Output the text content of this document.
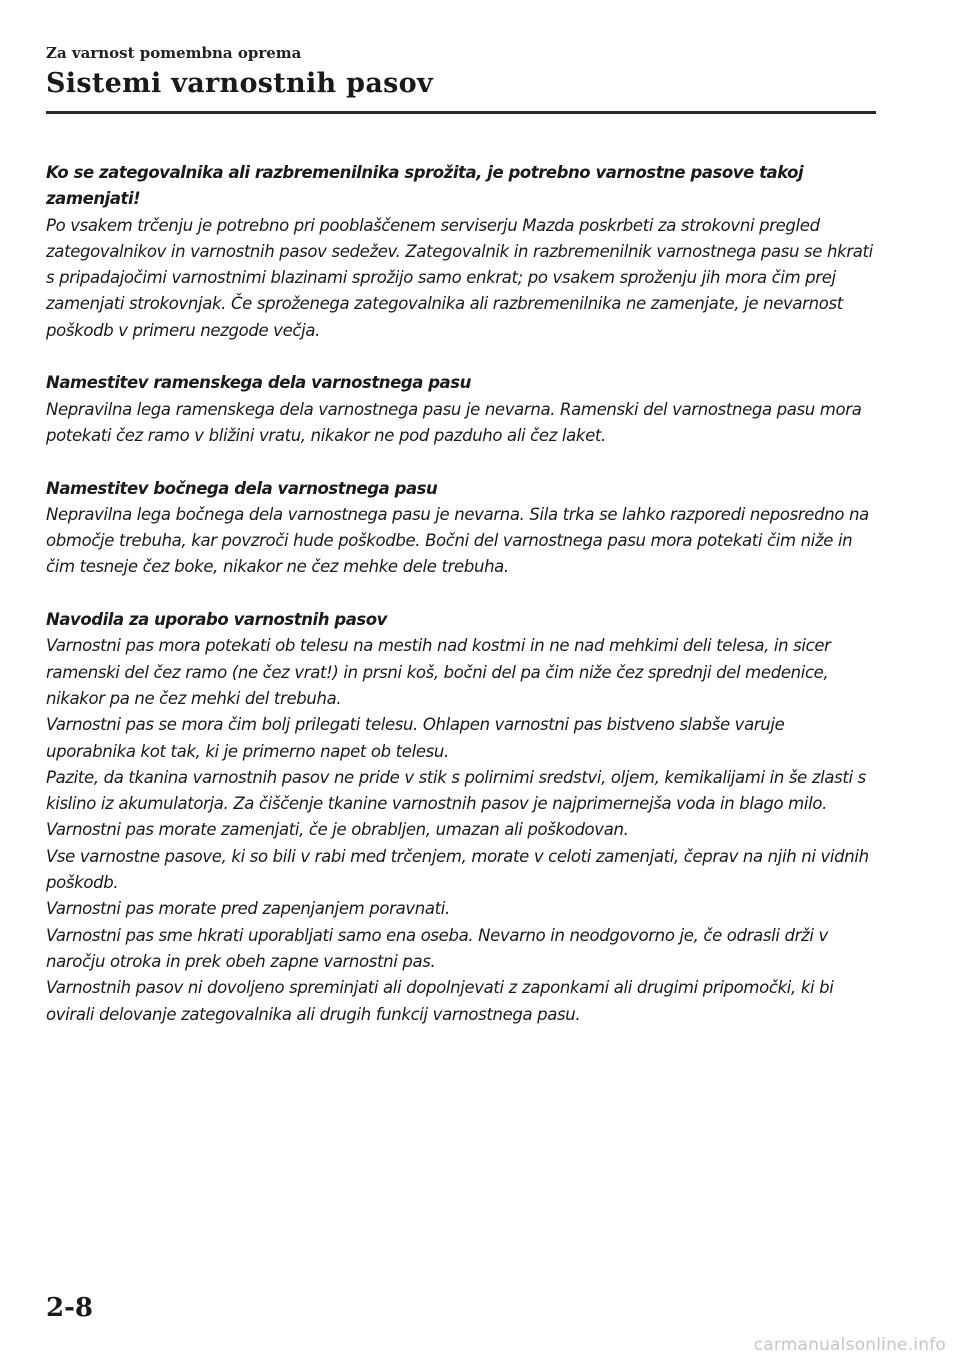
Za varnost pomembna oprema
Sistemi varnostnih pasov
Ko se zategovalnika ali razbremenilnika sprožita, je potrebno varnostne pasove takoj zamenjati!
Po vsakem trčenju je potrebno pri pooblaščenem serviserju Mazda poskrbeti za strokovni pregled zategovalnikov in varnostnih pasov sedežev. Zategovalnik in razbremenilnik varnostnega pasu se hkrati s pripadajočimi varnostnimi blazinami sprožijo samo enkrat; po vsakem sproženju jih mora čim prej zamenjati strokovnjak. Če sproženega zategovalnika ali razbremenilnika ne zamenjate, je nevarnost poškodb v primeru nezgode večja.
Namestitev ramenskega dela varnostnega pasu
Nepravilna lega ramenskega dela varnostnega pasu je nevarna. Ramenski del varnostnega pasu mora potekati čez ramo v bližini vratu, nikakor ne pod pazduho ali čez laket.
Namestitev bočnega dela varnostnega pasu
Nepravilna lega bočnega dela varnostnega pasu je nevarna. Sila trka se lahko razporedi neposredno na območje trebuha, kar povzroči hude poškodbe. Bočni del varnostnega pasu mora potekati čim niže in čim tesneje čez boke, nikakor ne čez mehke dele trebuha.
Navodila za uporabo varnostnih pasov
Varnostni pas mora potekati ob telesu na mestih nad kostmi in ne nad mehkimi deli telesa, in sicer ramenski del čez ramo (ne čez vrat!) in prsni koš, bočni del pa čim niže čez sprednji del medenice, nikakor pa ne čez mehki del trebuha.
Varnostni pas se mora čim bolj prilegati telesu. Ohlapen varnostni pas bistveno slabše varuje uporabnika kot tak, ki je primerno napet ob telesu.
Pazite, da tkanina varnostnih pasov ne pride v stik s polirnimi sredstvi, oljem, kemikalijami in še zlasti s kislino iz akumulatorja. Za čiščenje tkanine varnostnih pasov je najprimernejša voda in blago milo. Varnostni pas morate zamenjati, če je obrabljen, umazan ali poškodovan.
Vse varnostne pasove, ki so bili v rabi med trčenjem, morate v celoti zamenjati, čeprav na njih ni vidnih poškodb.
Varnostni pas morate pred zapenjanjem poravnati.
Varnostni pas sme hkrati uporabljati samo ena oseba. Nevarno in neodgovorno je, če odrasli drži v naročju otroka in prek obeh zapne varnostni pas.
Varnostnih pasov ni dovoljeno spreminjati ali dopolnjevati z zaponkami ali drugimi pripomočki, ki bi ovirali delovanje zategovalnika ali drugih funkcij varnostnega pasu.
2-8
carmanualsonline.info
